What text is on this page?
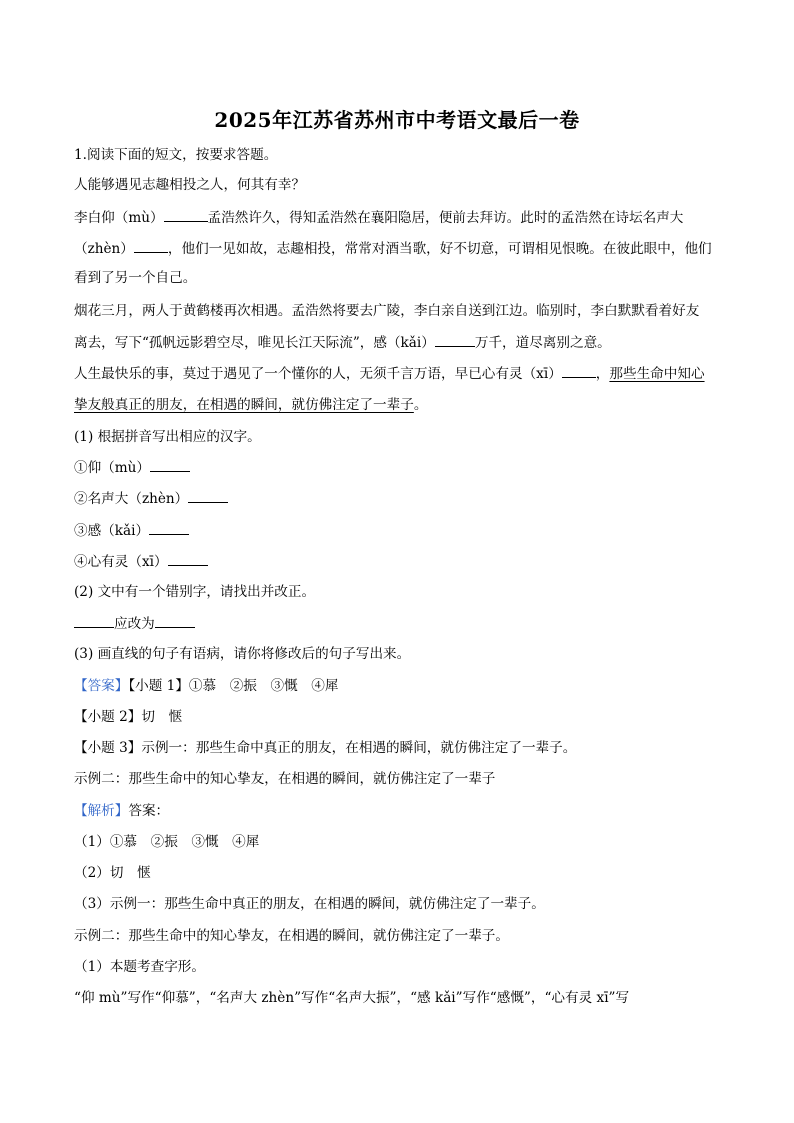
2025年江苏省苏州市中考语文最后一卷
1.阅读下面的短文，按要求答题。
人能够遇见志趣相投之人，何其有幸？
李白仰（mù）	孟浩然许久，得知孟浩然在襄阳隐居，便前去拜访。此时的孟浩然在诗坛名声大
（zhèn）	，他们一见如故，志趣相投，常常对酒当歌，好不切意，可谓相见恨晚。在彼此眼中，他们
看到了另一个自己。
烟花三月，两人于黄鹤楼再次相遇。孟浩然将要去广陵，李白亲自送到江边。临别时，李白默默看着好友
离去，写下“孤帆远影碧空尽，唯见长江天际流”，感（kǎi）	万千，道尽离别之意。
人生最快乐的事，莫过于遇见了一个懂你的人，无须千言万语，早已心有灵（xī）	，那些生命中知心
挚友般真正的朋友，在相遇的瞬间，就仿佛注定了一辈子。
(1) 根据拼音写出相应的汉字。
①仰（mù）
②名声大（zhèn）
③感（kǎi）
④心有灵（xī）
(2) 文中有一个错别字，请找出并改正。
应改为
(3) 画直线的句子有语病，请你将修改后的句子写出来。
【答案】【小题 1】①慕　②振　③慨　④犀
【小题 2】切　惬
【小题 3】示例一：那些生命中真正的朋友，在相遇的瞬间，就仿佛注定了一辈子。
示例二：那些生命中的知心挚友，在相遇的瞬间，就仿佛注定了一辈子
【解析】答案：
（1）①慕　②振　③慨　④犀
（2）切　惬
（3）示例一：那些生命中真正的朋友，在相遇的瞬间，就仿佛注定了一辈子。
示例二：那些生命中的知心挚友，在相遇的瞬间，就仿佛注定了一辈子。
（1）本题考查字形。
“仰 mù”写作“仰慕”，“名声大 zhèn”写作“名声大振”，“感 kǎi”写作“感慨”，“心有灵 xī”写
